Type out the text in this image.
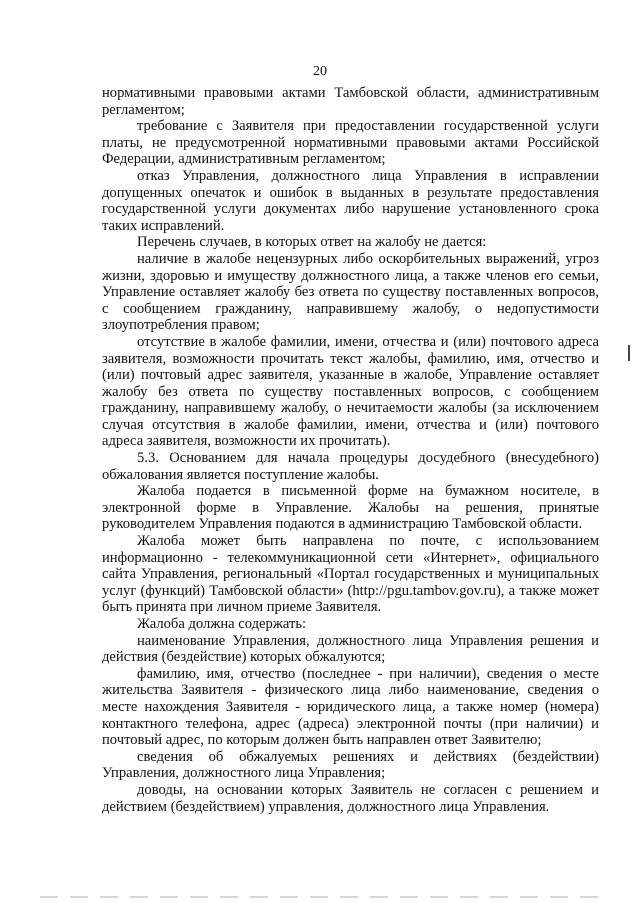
20

нормативными правовыми актами Тамбовской области, административным регламентом;

требование с Заявителя при предоставлении государственной услуги платы, не предусмотренной нормативными правовыми актами Российской Федерации, административным регламентом;

отказ Управления, должностного лица Управления в исправлении допущенных опечаток и ошибок в выданных в результате предоставления государственной услуги документах либо нарушение установленного срока таких исправлений.

Перечень случаев, в которых ответ на жалобу не дается:

наличие в жалобе нецензурных либо оскорбительных выражений, угроз жизни, здоровью и имуществу должностного лица, а также членов его семьи, Управление оставляет жалобу без ответа по существу поставленных вопросов, с сообщением гражданину, направившему жалобу, о недопустимости злоупотребления правом;

отсутствие в жалобе фамилии, имени, отчества и (или) почтового адреса заявителя, возможности прочитать текст жалобы, фамилию, имя, отчество и (или) почтовый адрес заявителя, указанные в жалобе, Управление оставляет жалобу без ответа по существу поставленных вопросов, с сообщением гражданину, направившему жалобу, о нечитаемости жалобы (за исключением случая отсутствия в жалобе фамилии, имени, отчества и (или) почтового адреса заявителя, возможности их прочитать).

5.3. Основанием для начала процедуры досудебного (внесудебного) обжалования является поступление жалобы.

Жалоба подается в письменной форме на бумажном носителе, в электронной форме в Управление. Жалобы на решения, принятые руководителем Управления подаются в администрацию Тамбовской области.

Жалоба может быть направлена по почте, с использованием информационно - телекоммуникационной сети «Интернет», официального сайта Управления, региональный «Портал государственных и муниципальных услуг (функций) Тамбовской области» (http://pgu.tambov.gov.ru), а также может быть принята при личном приеме Заявителя.

Жалоба должна содержать:

наименование Управления, должностного лица Управления решения и действия (бездействие) которых обжалуются;

фамилию, имя, отчество (последнее - при наличии), сведения о месте жительства Заявителя - физического лица либо наименование, сведения о месте нахождения Заявителя - юридического лица, а также номер (номера) контактного телефона, адрес (адреса) электронной почты (при наличии) и почтовый адрес, по которым должен быть направлен ответ Заявителю;

сведения об обжалуемых решениях и действиях (бездействии) Управления, должностного лица Управления;

доводы, на основании которых Заявитель не согласен с решением и действием (бездействием) управления, должностного лица Управления.
